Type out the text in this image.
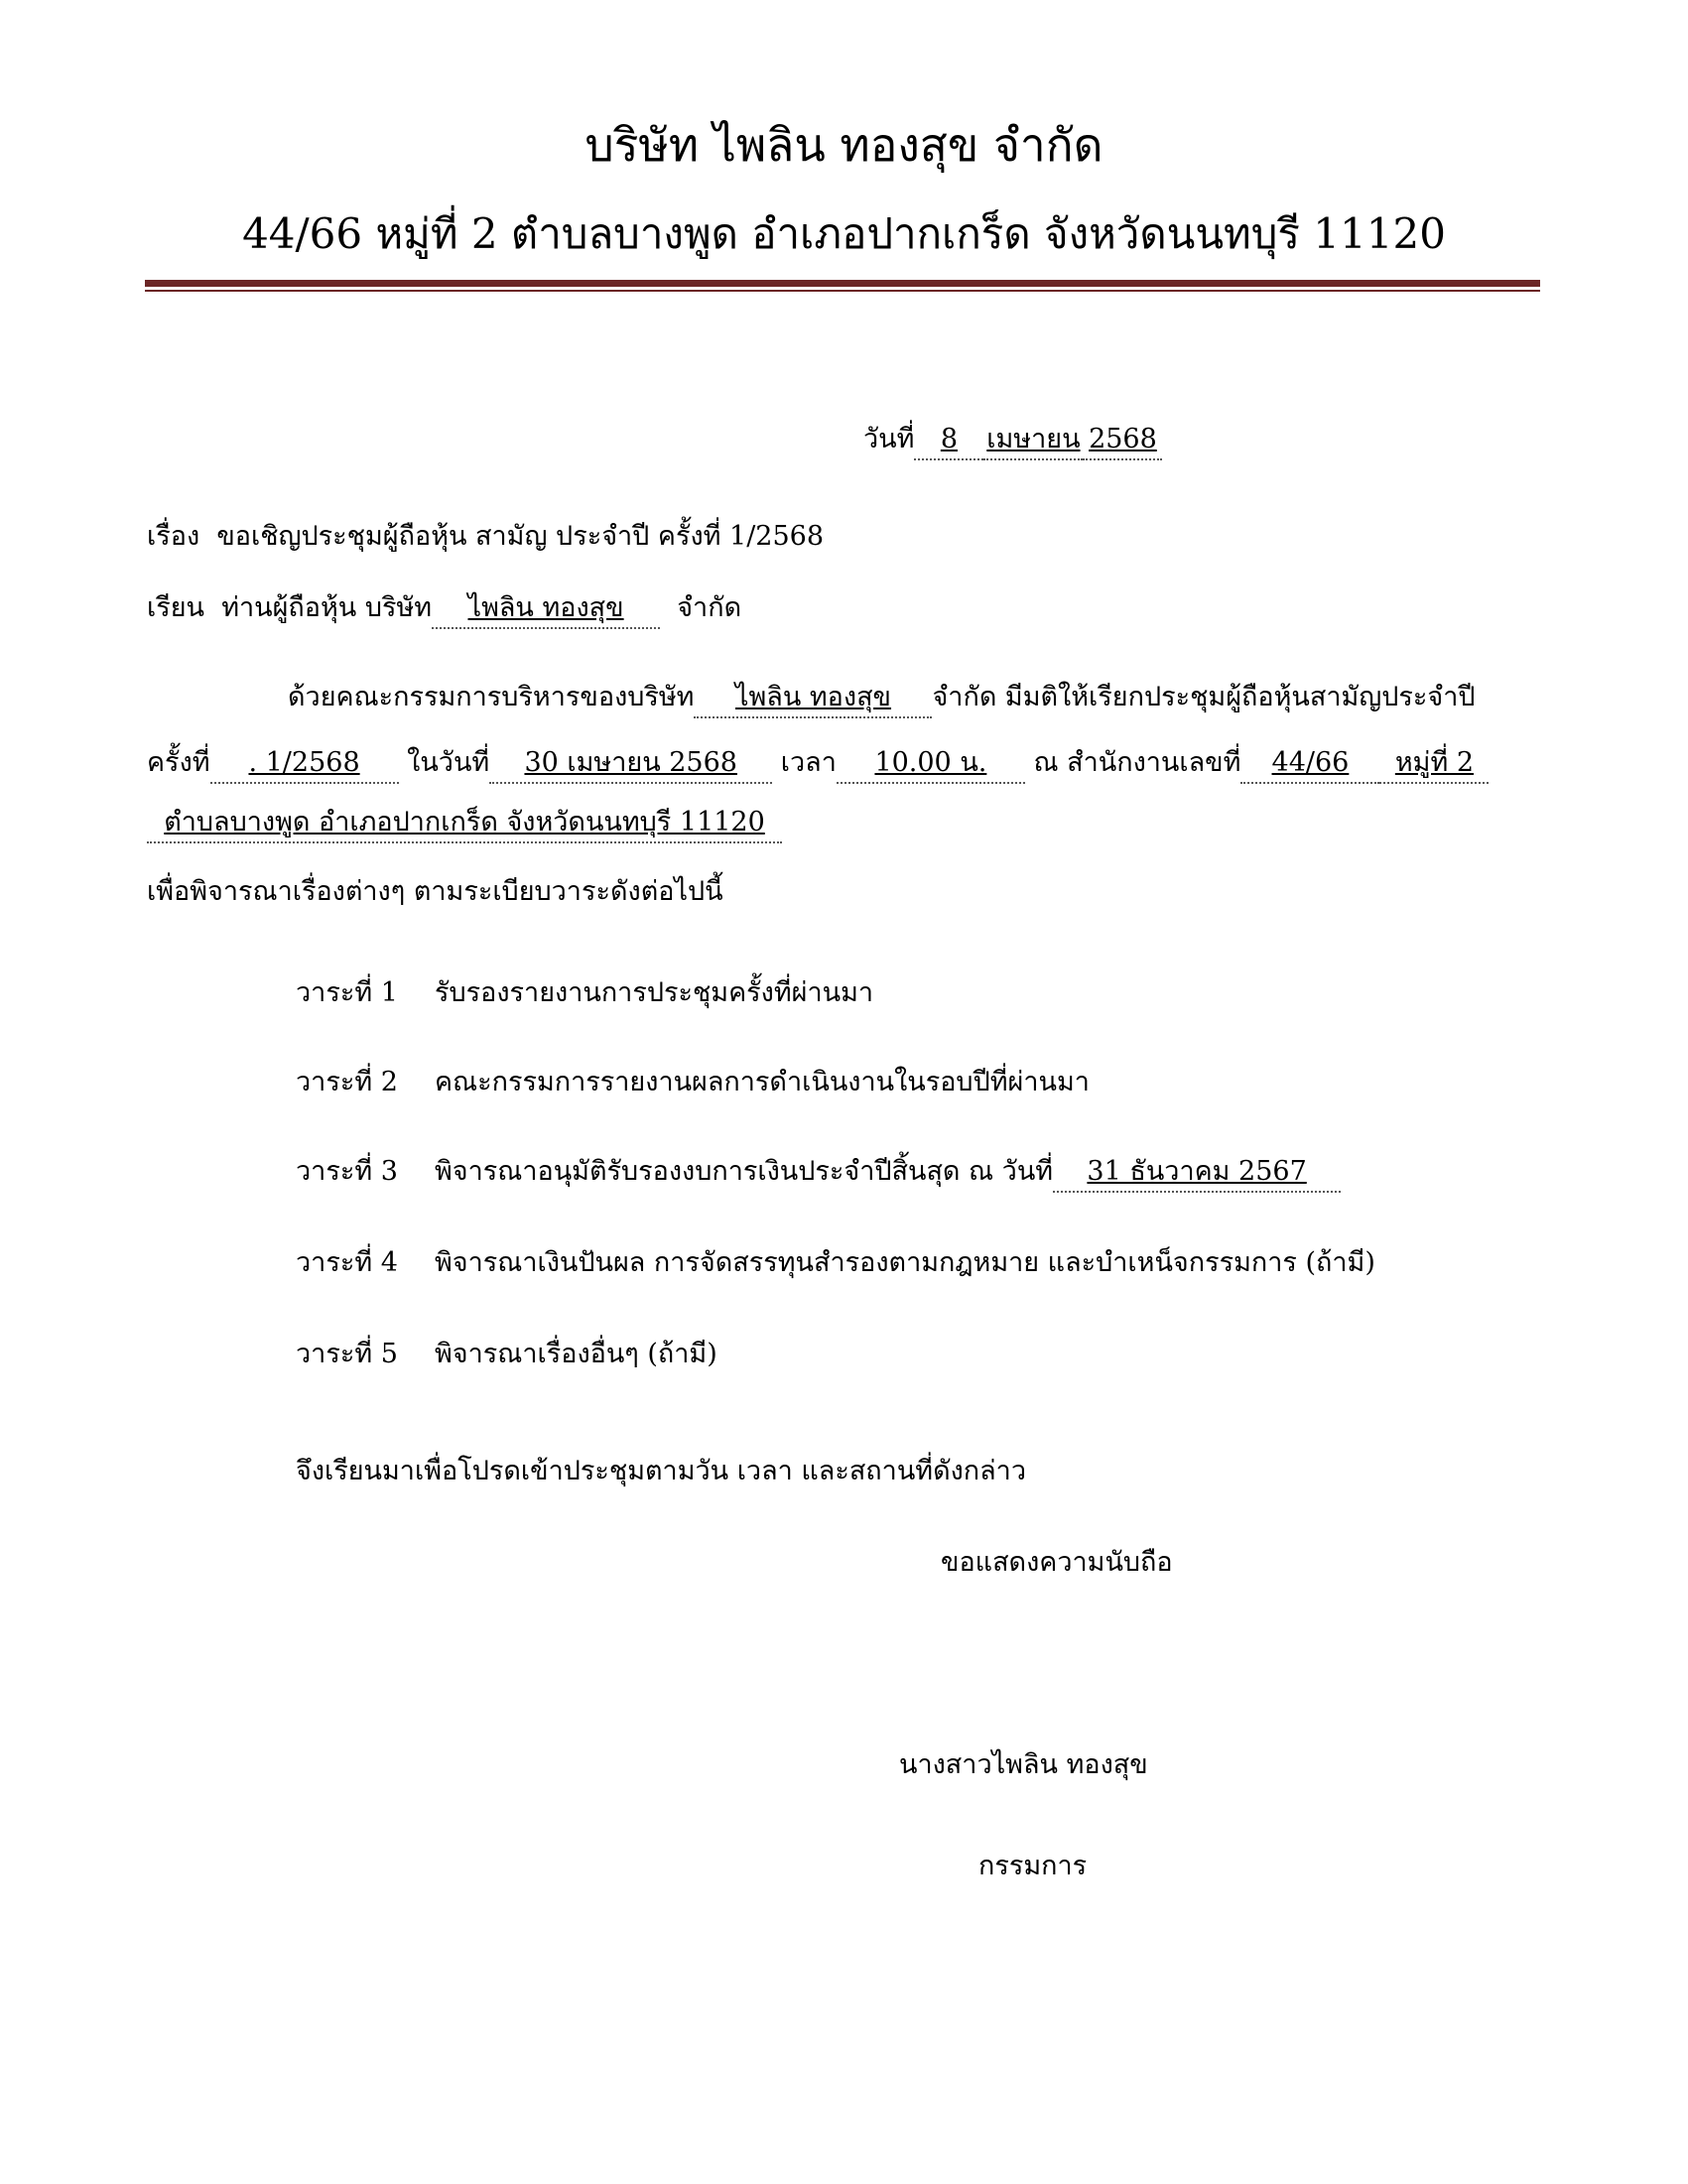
บริษัท ไพลิน ทองสุข จำกัด
44/66 หมู่ที่ 2 ตำบลบางพูด อำเภอปากเกร็ด จังหวัดนนทบุรี 11120
วันที่ 8 เมษายน 2568
เรื่อง ขอเชิญประชุมผู้ถือหุ้น สามัญ ประจำปี ครั้งที่ 1/2568
เรียน ท่านผู้ถือหุ้น บริษัท ไพลิน ทองสุข จำกัด
ด้วยคณะกรรมการบริหารของบริษัท ไพลิน ทองสุข จำกัด มีมติให้เรียกประชุมผู้ถือหุ้นสามัญประจำปี
ครั้งที่ . 1/2568 ในวันที่ 30 เมษายน 2568 เวลา 10.00 น. ณ สำนักงานเลขที่ 44/66 หมู่ที่ 2
ตำบลบางพูด อำเภอปากเกร็ด จังหวัดนนทบุรี 11120
เพื่อพิจารณาเรื่องต่างๆ ตามระเบียบวาระดังต่อไปนี้
วาระที่ 1 รับรองรายงานการประชุมครั้งที่ผ่านมา
วาระที่ 2 คณะกรรมการรายงานผลการดำเนินงานในรอบปีที่ผ่านมา
วาระที่ 3 พิจารณาอนุมัติรับรองงบการเงินประจำปีสิ้นสุด ณ วันที่ 31 ธันวาคม 2567
วาระที่ 4 พิจารณาเงินปันผล การจัดสรรทุนสำรองตามกฎหมาย และบำเหน็จกรรมการ (ถ้ามี)
วาระที่ 5 พิจารณาเรื่องอื่นๆ (ถ้ามี)
จึงเรียนมาเพื่อโปรดเข้าประชุมตามวัน เวลา และสถานที่ดังกล่าว
ขอแสดงความนับถือ
นางสาวไพลิน ทองสุข
กรรมการ
